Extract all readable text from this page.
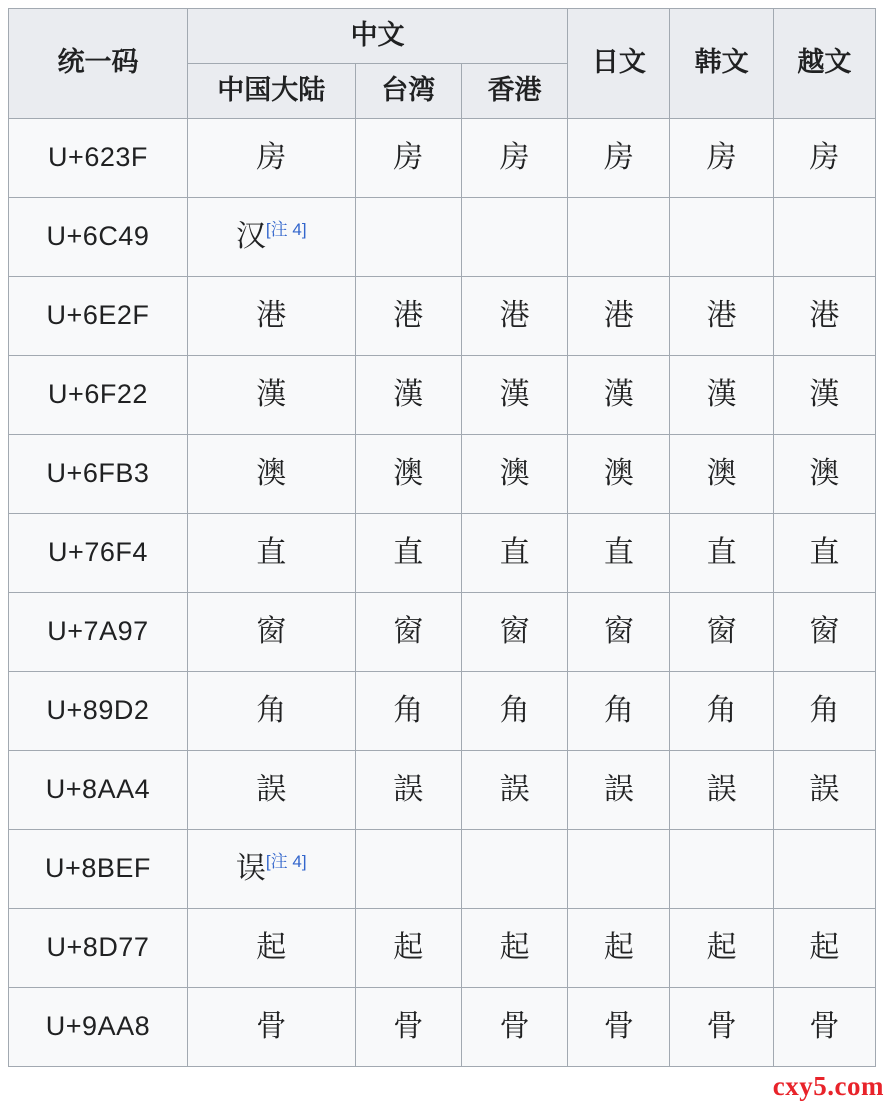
统一码	中文			日文	韩文	越文
	中国大陆	台湾	香港			
U+623F	房	房	房	房	房	房
U+6C49	汉[注 4]					
U+6E2F	港	港	港	港	港	港
U+6F22	漢	漢	漢	漢	漢	漢
U+6FB3	澳	澳	澳	澳	澳	澳
U+76F4	直	直	直	直	直	直
U+7A97	窗	窗	窗	窗	窗	窗
U+89D2	角	角	角	角	角	角
U+8AA4	誤	誤	誤	誤	誤	誤
U+8BEF	误[注 4]					
U+8D77	起	起	起	起	起	起
U+9AA8	骨	骨	骨	骨	骨	骨
cxy5.com
